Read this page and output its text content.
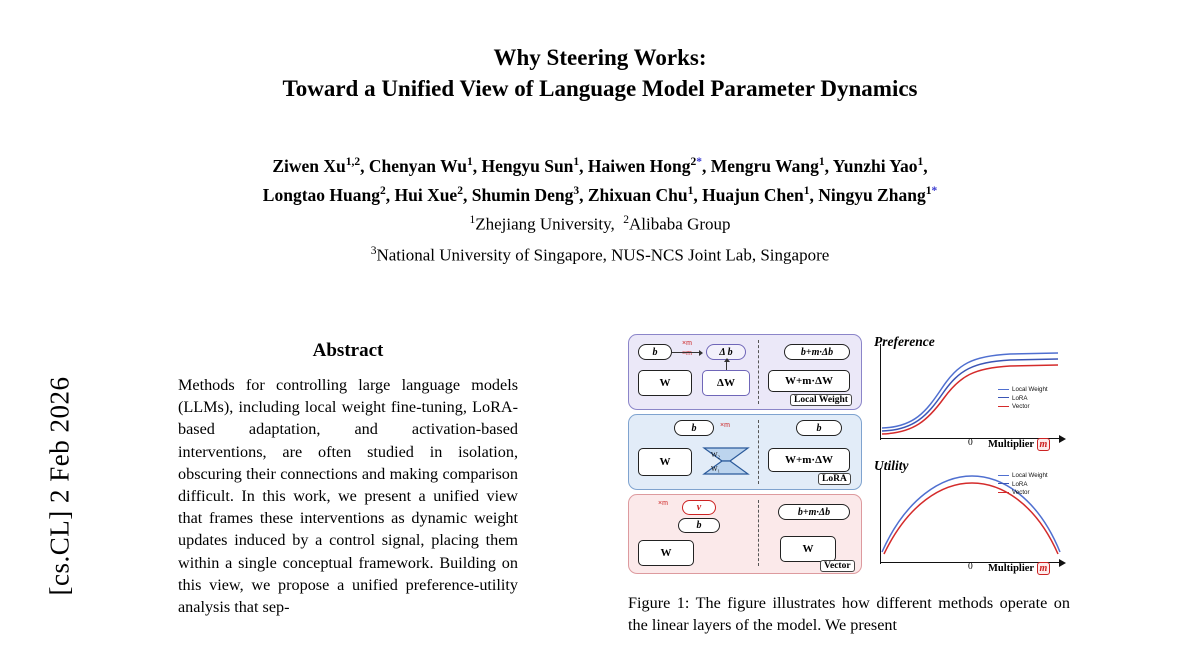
[cs.CL] 2 Feb 2026
Why Steering Works:
Toward a Unified View of Language Model Parameter Dynamics
Ziwen Xu$^{1,2}$, Chenyan Wu$^1$, Hengyu Sun$^1$, Haiwen Hong$^{2*}$, Mengru Wang$^1$, Yunzhi Yao$^1$,
Longtao Huang$^2$, Hui Xue$^2$, Shumin Deng$^3$, Zhixuan Chu$^1$, Huajun Chen$^1$, Ningyu Zhang$^{1*}$
$^1$Zhejiang University, $^2$Alibaba Group
$^3$National University of Singapore, NUS-NCS Joint Lab, Singapore
Abstract
Methods for controlling large language models (LLMs), including local weight fine-tuning, LoRA-based adaptation, and activation-based interventions, are often studied in isolation, obscuring their connections and making comparison difficult. In this work, we present a unified view that frames these interventions as dynamic weight updates induced by a control signal, placing them within a single conceptual framework. Building on this view, we propose a unified preference-utility analysis that sep-
b	Δ b
W	ΔW
×m
×m	b+m·Δb
W+m·ΔW
Local Weight
b
W
×m
W₂
W₁
b
W+m·ΔW
LoRA
v
b
×m
W
b+m·Δb
W
Vector
Preference
0 Multiplier m
Local Weight
LoRA
Vector
Utility
0 Multiplier m
Local Weight
LoRA
Vector
Figure 1: The figure illustrates how different methods operate on the linear layers of the model. We present
